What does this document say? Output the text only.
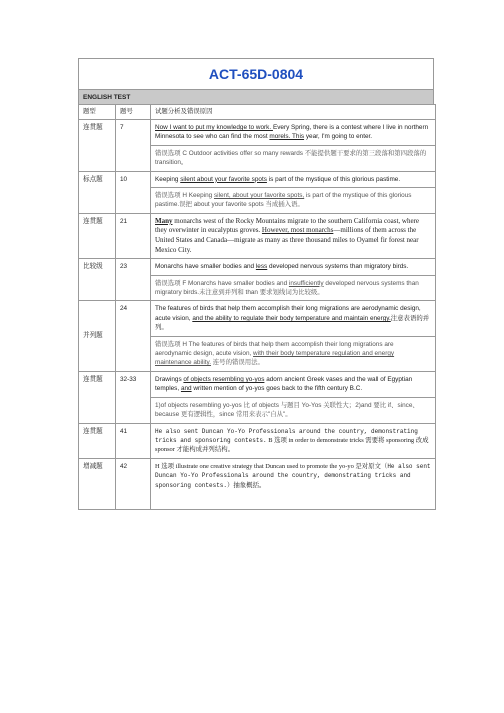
ACT-65D-0804
ENGLISH TEST
题型	题号	试题分析及错误原因
连贯题	7	Now I want to put my knowledge to work. Every Spring, there is a contest where I live in northern Minnesota to see who can find the most morels. This year, I'm going to enter.

错误选项 C Outdoor activities offer so many rewards 不能提供题干要求的第三段落和第四段落的 transition。

标点题	10	Keeping silent about your favorite spots is part of the mystique of this glorious pastime.

错误选项 H Keeping silent, about your favorite spots, is part of the mystique of this glorious pastime.误把 about your favorite spots 当成插入语。

连贯题	21	Many monarchs west of the Rocky Mountains migrate to the southern California coast, where they overwinter in eucalyptus groves. However, most monarchs—millions of them across the United States and Canada—migrate as many as three thousand miles to Oyamel fir forest near Mexico City.

比较级	23	Monarchs have smaller bodies and less developed nervous systems than migratory birds.

错误选项 F Monarchs have smaller bodies and insufficiently developed nervous systems than migratory birds.未注意到并列和 than 要求划线词为比较级。

并列题	24	The features of birds that help them accomplish their long migrations are aerodynamic design, acute vision, and the ability to regulate their body temperature and maintain energy.注意表语的并列。

错误选项 H The features of birds that help them accomplish their long migrations are aerodynamic design, acute vision, with their body temperature regulation and energy maintenance ability. 连号的错误用法。

连贯题	32-33	Drawings of objects resembling yo-yos adorn ancient Greek vases and the wall of Egyptian temples, and written mention of yo-yos goes back to the fifth century B.C.

1)of objects resembling yo-yos 比 of objects 与题目 Yo-Yos 关联性大；2)and 要比 if、since、because 更有逻辑性，since 常用来表示"自从"。

连贯题	41	He also sent Duncan Yo-Yo Professionals around the country, demonstrating tricks and sponsoring contests. B 选项 in order to demonstrate tricks 需要将 sponsoring 改成 sponsor 才能构成并列结构。

增减题	42	H 选项 illustrate one creative strategy that Duncan used to promote the yo-yo 是对原文（He also sent Duncan Yo-Yo Professionals around the country, demonstrating tricks and sponsoring contests.）抽象概括。
